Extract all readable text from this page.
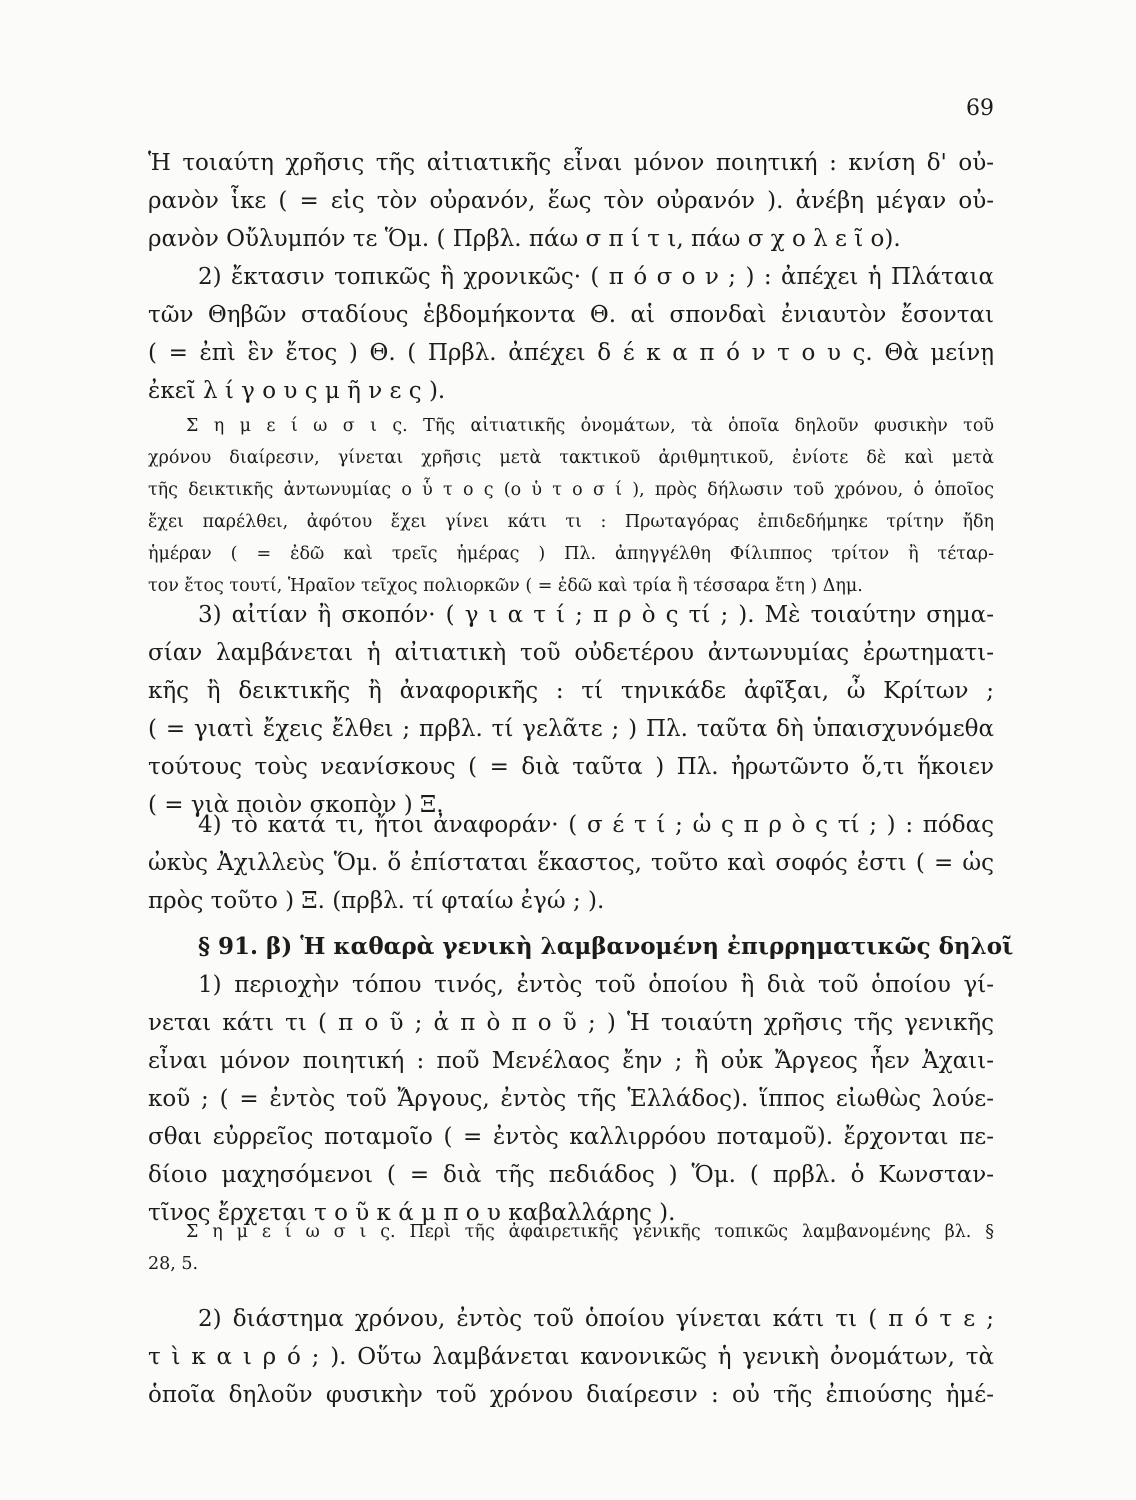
69
Ἡ τοιαύτη χρῆσις τῆς αἰτιατικῆς εἶναι μόνον ποιητική : κνίση δ' οὐ-
ρανὸν ἷκε ( = εἰς τὸν οὐρανόν, ἕως τὸν οὐρανόν ). ἀνέβη μέγαν οὐ-
ρανὸν Οὔλυμπόν τε Ὅμ. ( Πρβλ. πάω σ π ί τ ι, πάω σ χ ο λ ε ῖ ο).
2) ἔκτασιν τοπικῶς ἢ χρονικῶς· ( π ό σ ο ν ; ) : ἀπέχει ἡ Πλάταια
τῶν Θηβῶν σταδίους ἑβδομήκοντα Θ. αἱ σπονδαὶ ἐνιαυτὸν ἔσονται
( = ἐπὶ ἓν ἔτος ) Θ. ( Πρβλ. ἀπέχει δ έ κ α π ό ν τ ο υ ς. Θὰ μείνῃ
ἐκεῖ λ ί γ ο υ ς μ ῆ ν ε ς ).
Σ η μ ε ί ω σ ι ς. Τῆς αἰτιατικῆς ὀνομάτων, τὰ ὁποῖα δηλοῦν φυσικὴν τοῦ
χρόνου διαίρεσιν, γίνεται χρῆσις μετὰ τακτικοῦ ἀριθμητικοῦ, ἐνίοτε δὲ καὶ μετὰ
τῆς δεικτικῆς ἀντωνυμίας ο ὗ τ ο ς (ο ὑ τ ο σ ί ), πρὸς δήλωσιν τοῦ χρόνου, ὁ ὁποῖος
ἔχει παρέλθει, ἀφότου ἔχει γίνει κάτι τι : Πρωταγόρας ἐπιδεδήμηκε τρίτην ἤδη
ἡμέραν ( = ἐδῶ καὶ τρεῖς ἡμέρας ) Πλ. ἀπηγγέλθη Φίλιππος τρίτον ἢ τέταρ-
τον ἔτος τουτί, Ἡραῖον τεῖχος πολιορκῶν ( = ἐδῶ καὶ τρία ἢ τέσσαρα ἔτη ) Δημ.
3) αἰτίαν ἢ σκοπόν· ( γ ι α τ ί ; π ρ ὸ ς τί ; ). Μὲ τοιαύτην σημα-
σίαν λαμβάνεται ἡ αἰτιατικὴ τοῦ οὐδετέρου ἀντωνυμίας ἐρωτηματι-
κῆς ἢ δεικτικῆς ἢ ἀναφορικῆς : τί τηνικάδε ἀφῖξαι, ὦ Κρίτων ;
( = γιατὶ ἔχεις ἔλθει ; πρβλ. τί γελᾶτε ; ) Πλ. ταῦτα δὴ ὑπαισχυνόμεθα
τούτους τοὺς νεανίσκους ( = διὰ ταῦτα ) Πλ. ἠρωτῶντο ὅ,τι ἥκοιεν
( = γιὰ ποιὸν σκοπὸν ) Ξ.
4) τὸ κατά τι, ἤτοι ἀναφοράν· ( σ έ τ ί ; ὡ ς π ρ ὸ ς τί ; ) : πόδας
ὠκὺς Ἀχιλλεὺς Ὅμ. ὅ ἐπίσταται ἕκαστος, τοῦτο καὶ σοφός ἐστι ( = ὡς
πρὸς τοῦτο ) Ξ. (πρβλ. τί φταίω ἐγώ ; ).
§ 91. β) Ἡ καθαρὰ γενικὴ λαμβανομένη ἐπιρρηματικῶς δηλοῖ
1) περιοχὴν τόπου τινός, ἐντὸς τοῦ ὁποίου ἢ διὰ τοῦ ὁποίου γί-
νεται κάτι τι ( π ο ῦ ; ἀ π ὸ π ο ῦ ; ) Ἡ τοιαύτη χρῆσις τῆς γενικῆς
εἶναι μόνον ποιητική : ποῦ Μενέλαος ἔην ; ἢ οὐκ Ἄργεος ἦεν Ἀχαιι-
κοῦ ; ( = ἐντὸς τοῦ Ἄργους, ἐντὸς τῆς Ἑλλάδος). ἵππος εἰωθὼς λούε-
σθαι εὐρρεῖος ποταμοῖο ( = ἐντὸς καλλιρρόου ποταμοῦ). ἔρχονται πε-
δίοιο μαχησόμενοι ( = διὰ τῆς πεδιάδος ) Ὅμ. ( πρβλ. ὁ Κωνσταν-
τῖνος ἔρχεται τ ο ῦ κ ά μ π ο υ καβαλλάρης ).
Σ η μ ε ί ω σ ι ς. Περὶ τῆς ἀφαιρετικῆς γενικῆς τοπικῶς λαμβανομένης βλ. §
28, 5.
2) διάστημα χρόνου, ἐντὸς τοῦ ὁποίου γίνεται κάτι τι ( π ό τ ε ;
τ ὶ κ α ι ρ ό ; ). Οὕτω λαμβάνεται κανονικῶς ἡ γενικὴ ὀνομάτων, τὰ
ὁποῖα δηλοῦν φυσικὴν τοῦ χρόνου διαίρεσιν : οὐ τῆς ἐπιούσης ἡμέ-
